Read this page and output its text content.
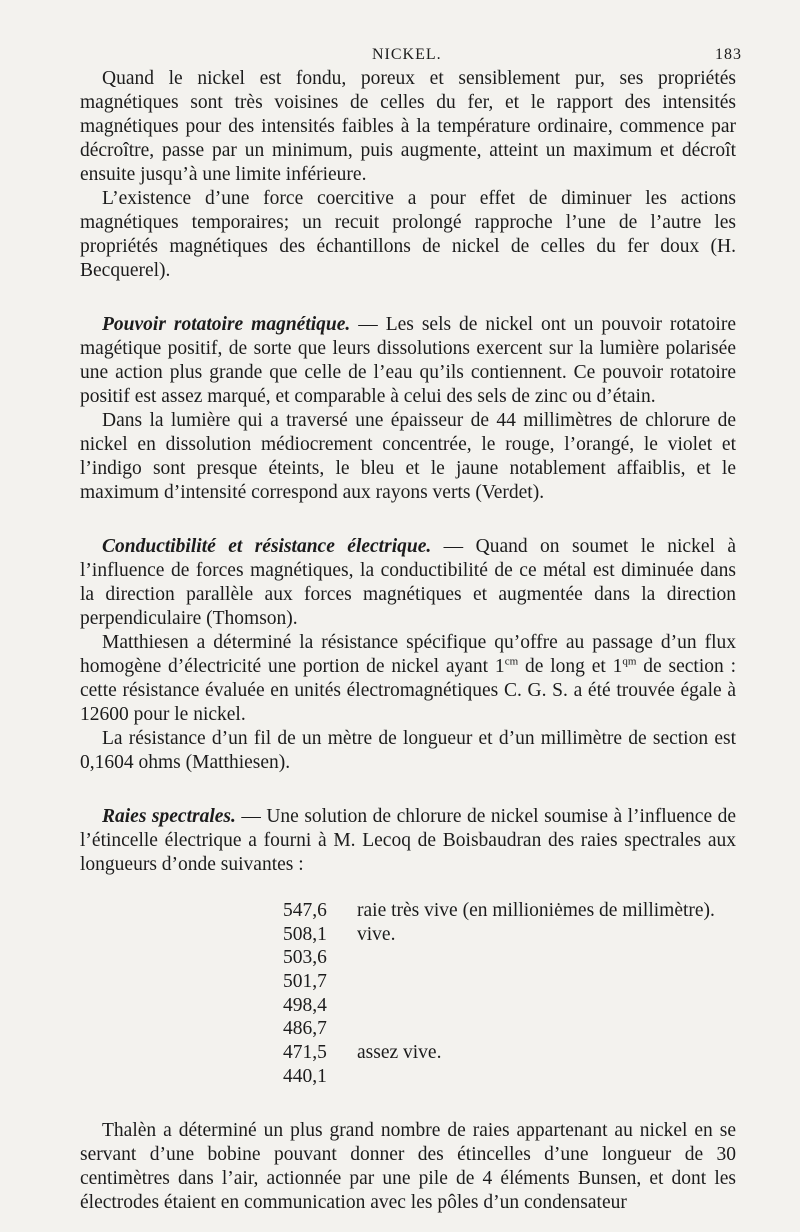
NICKEL.	183

Quand le nickel est fondu, poreux et sensiblement pur, ses propriétés magnétiques sont très voisines de celles du fer, et le rapport des intensités magnétiques pour des intensités faibles à la température ordinaire, commence par décroître, passe par un minimum, puis augmente, atteint un maximum et décroît ensuite jusqu’à une limite inférieure.

L’existence d’une force coercitive a pour effet de diminuer les actions magnétiques temporaires; un recuit prolongé rapproche l’une de l’autre les propriétés magnétiques des échantillons de nickel de celles du fer doux (H. Becquerel).

Pouvoir rotatoire magnétique. — Les sels de nickel ont un pouvoir rotatoire magétique positif, de sorte que leurs dissolutions exercent sur la lumière polarisée une action plus grande que celle de l’eau qu’ils contiennent. Ce pouvoir rotatoire positif est assez marqué, et comparable à celui des sels de zinc ou d’étain.

Dans la lumière qui a traversé une épaisseur de 44 millimètres de chlorure de nickel en dissolution médiocrement concentrée, le rouge, l’orangé, le violet et l’indigo sont presque éteints, le bleu et le jaune notablement affaiblis, et le maximum d’intensité correspond aux rayons verts (Verdet).

Conductibilité et résistance électrique. — Quand on soumet le nickel à l’influence de forces magnétiques, la conductibilité de ce métal est diminuée dans la direction parallèle aux forces magnétiques et augmentée dans la direction perpendiculaire (Thomson).

Matthiesen a déterminé la résistance spécifique qu’offre au passage d’un flux homogène d’électricité une portion de nickel ayant $1^{cm}$ de long et $1^{qm}$ de section : cette résistance évaluée en unités électromagnétiques C. G. S. a été trouvée égale à 12600 pour le nickel.

La résistance d’un fil de un mètre de longueur et d’un millimètre de section est 0,1604 ohms (Matthiesen).

Raies spectrales. — Une solution de chlorure de nickel soumise à l’influence de l’étincelle électrique a fourni à M. Lecoq de Boisbaudran des raies spectrales aux longueurs d’onde suivantes :

547,6	raie très vive (en millioniėmes de millimètre).
508,1	vive.
503,6
501,7
498,4
486,7
471,5	assez vive.
440,1

Thalèn a déterminé un plus grand nombre de raies appartenant au nickel en se servant d’une bobine pouvant donner des étincelles d’une longueur de 30 centimètres dans l’air, actionnée par une pile de 4 éléments Bunsen, et dont les électrodes étaient en communication avec les pôles d’un condensateur
